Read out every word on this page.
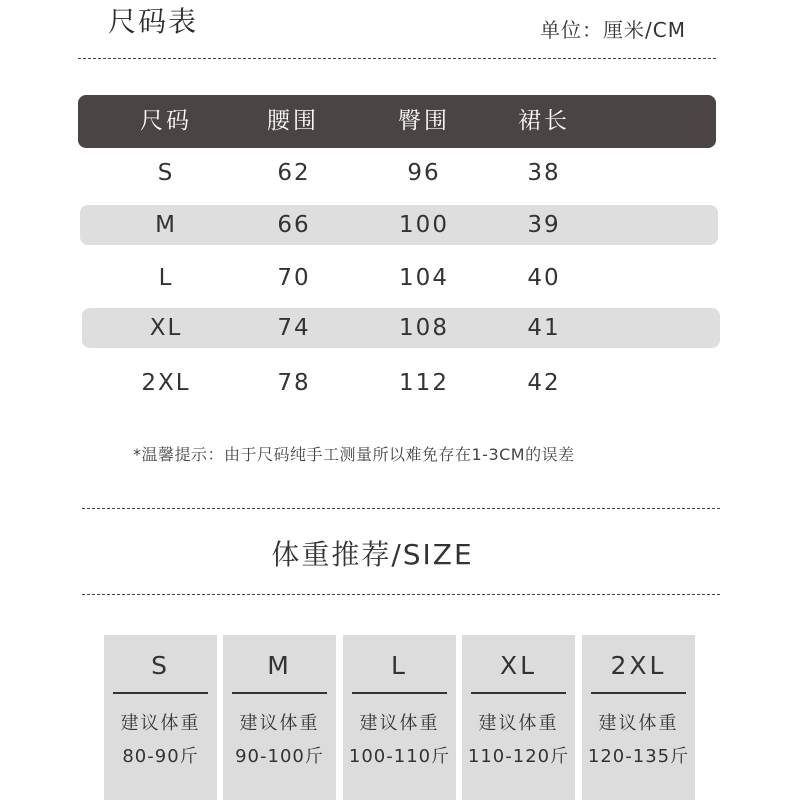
尺码表	单位：厘米/CM
尺码	腰围	臀围	裙长
S	62	96	38
M	66	100	39
L	70	104	40
XL	74	108	41
2XL	78	112	42
*温馨提示：由于尺码纯手工测量所以难免存在1-3CM的误差
体重推荐/SIZE
S
建议体重
80-90斤
M
建议体重
90-100斤
L
建议体重
100-110斤
XL
建议体重
110-120斤
2XL
建议体重
120-135斤
